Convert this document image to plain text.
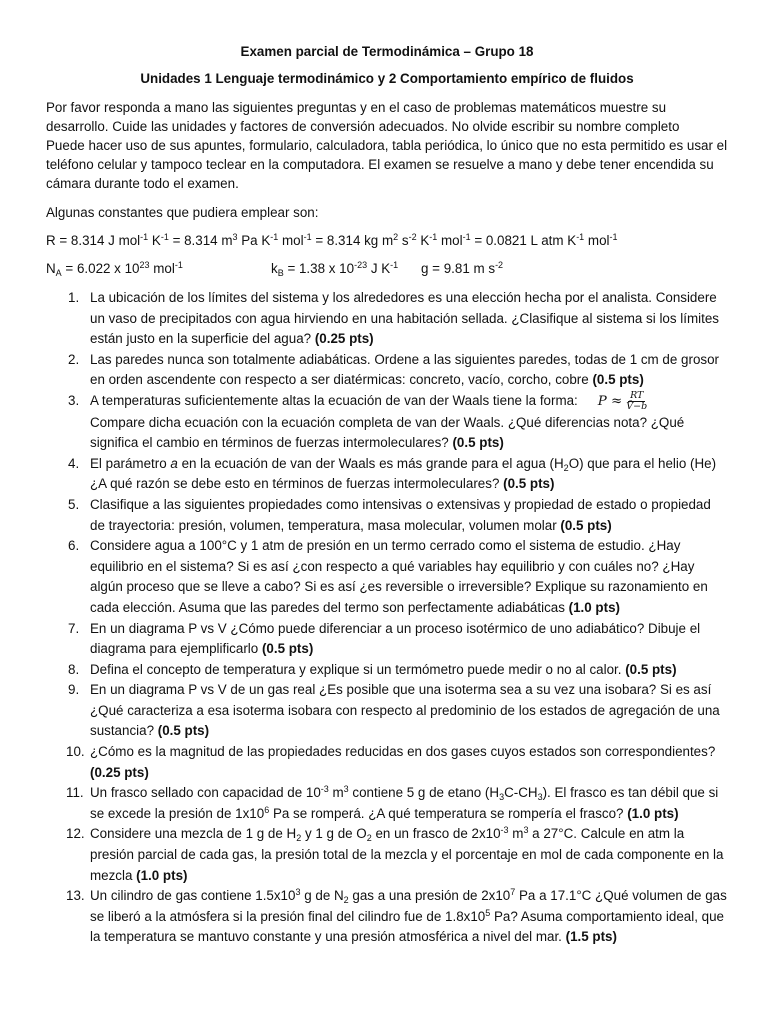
Examen parcial de Termodinámica – Grupo 18
Unidades 1 Lenguaje termodinámico y 2 Comportamiento empírico de fluidos
Por favor responda a mano las siguientes preguntas y en el caso de problemas matemáticos muestre su desarrollo. Cuide las unidades y factores de conversión adecuados. No olvide escribir su nombre completo
Puede hacer uso de sus apuntes, formulario, calculadora, tabla periódica, lo único que no esta permitido es usar el teléfono celular y tampoco teclear en la computadora. El examen se resuelve a mano y debe tener encendida su cámara durante todo el examen.
Algunas constantes que pudiera emplear son:
R = 8.314 J mol$^{-1}$ $K^{-1} = 8.314$ $m^3$ Pa $K^{-1}$ mol$^{-1}$ = 8.314 kg $m^2$ $s^{-2}$ $K^{-1}$ mol$^{-1}$ = 0.0821 L atm $K^{-1}$ mol$^{-1}$
$N_A = 6.022$ x $10^{23}$ mol$^{-1}$	$k_B = 1.38$ x $10^{-23}$ J $K^{-1}$ g = 9.81 m $s^{-2}$
1. La ubicación de los límites del sistema y los alrededores es una elección hecha por el analista. Considere un vaso de precipitados con agua hirviendo en una habitación sellada. ¿Clasifique al sistema si los límites están justo en la superficie del agua? (0.25 pts)
2. Las paredes nunca son totalmente adiabáticas. Ordene a las siguientes paredes, todas de 1 cm de grosor en orden ascendente con respecto a ser diatérmicas: concreto, vacío, corcho, cobre (0.5 pts)
3. A temperaturas suficientemente altas la ecuación de van der Waals tiene la forma: $P \approx \frac{RT}{V̄-b}$

Compare dicha ecuación con la ecuación completa de van der Waals. ¿Qué diferencias nota? ¿Qué significa el cambio en términos de fuerzas intermoleculares? (0.5 pts)
4. El parámetro a en la ecuación de van der Waals es más grande para el agua $(H_2O)$ que para el helio (He) ¿A qué razón se debe esto en términos de fuerzas intermoleculares? (0.5 pts)
5. Clasifique a las siguientes propiedades como intensivas o extensivas y propiedad de estado o propiedad de trayectoria: presión, volumen, temperatura, masa molecular, volumen molar (0.5 pts)
6. Considere agua a 100°C y 1 atm de presión en un termo cerrado como el sistema de estudio. ¿Hay equilibrio en el sistema? Si es así ¿con respecto a qué variables hay equilibrio y con cuáles no? ¿Hay algún proceso que se lleve a cabo? Si es así ¿es reversible o irreversible? Explique su razonamiento en cada elección. Asuma que las paredes del termo son perfectamente adiabáticas (1.0 pts)
7. En un diagrama P vs V ¿Cómo puede diferenciar a un proceso isotérmico de uno adiabático? Dibuje el diagrama para ejemplificarlo (0.5 pts)
8. Defina el concepto de temperatura y explique si un termómetro puede medir o no al calor. (0.5 pts)
9. En un diagrama P vs V de un gas real ¿Es posible que una isoterma sea a su vez una isobara? Si es así ¿Qué caracteriza a esa isoterma isobara con respecto al predominio de los estados de agregación de una sustancia? (0.5 pts)
10. ¿Cómo es la magnitud de las propiedades reducidas en dos gases cuyos estados son correspondientes? (0.25 pts)
11. Un frasco sellado con capacidad de $10^{-3}$ $m^3$ contiene 5 g de etano $(H_3C-CH_3)$. El frasco es tan débil que si se excede la presión de $1x10^6$ Pa se romperá. ¿A qué temperatura se rompería el frasco? (1.0 pts)
12. Considere una mezcla de 1 g de $H_2$ y 1 g de $O_2$ en un frasco de $2x10^{-3}$ $m^3$ a 27°C. Calcule en atm la presión parcial de cada gas, la presión total de la mezcla y el porcentaje en mol de cada componente en la mezcla (1.0 pts)
13. Un cilindro de gas contiene $1.5x10^3$ g de $N_2$ gas a una presión de $2x10^7$ Pa a 17.1°C ¿Qué volumen de gas se liberó a la atmósfera si la presión final del cilindro fue de $1.8x10^5$ Pa? Asuma comportamiento ideal, que la temperatura se mantuvo constante y una presión atmosférica a nivel del mar. (1.5 pts)
